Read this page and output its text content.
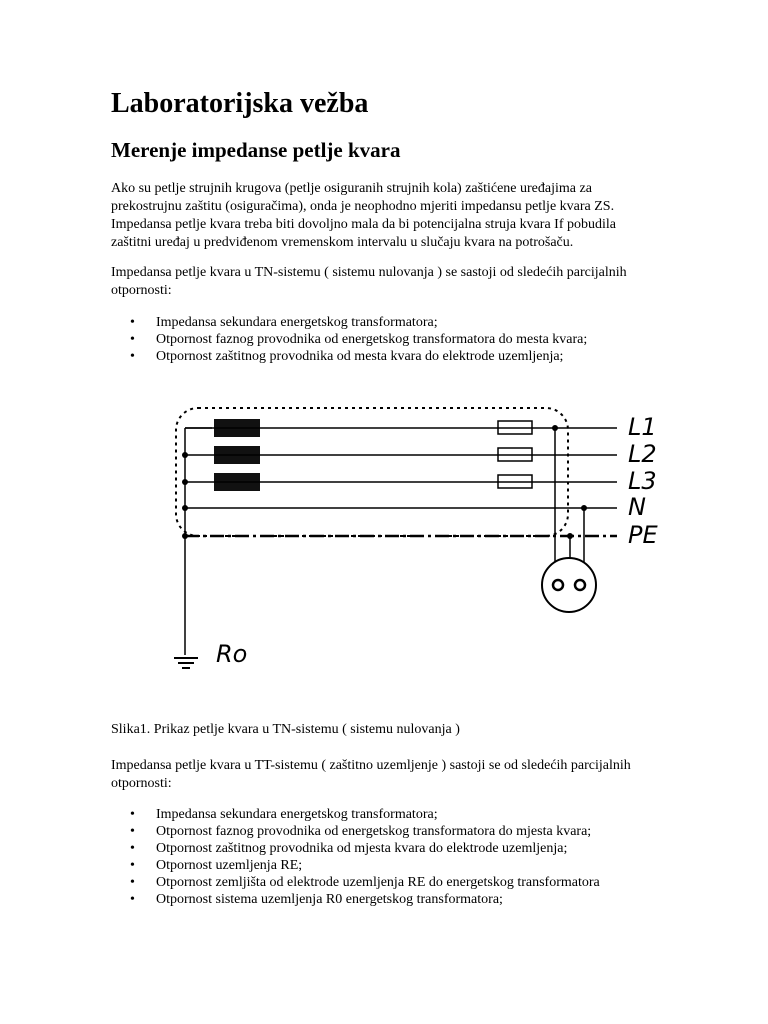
Laboratorijska vežba
Merenje impedanse petlje kvara

Ako su petlje strujnih krugova (petlje osiguranih strujnih kola) zaštićene uređajima za
prekostrujnu zaštitu (osiguračima), onda je neophodno mjeriti impedansu petlje kvara ZS.
Impedansa petlje kvara treba biti dovoljno mala da bi potencijalna struja kvara If pobudila
zaštitni uređaj u predviđenom vremenskom intervalu u slučaju kvara na potrošaču.

Impedansa petlje kvara u TN-sistemu ( sistemu nulovanja ) se sastoji od sledećih parcijalnih
otpornosti:

• Impedansa sekundara energetskog transformatora;
• Otpornost faznog provodnika od energetskog transformatora do mesta kvara;
• Otpornost zaštitnog provodnika od mesta kvara do elektrode uzemljenja;

Slika1. Prikaz petlje kvara u TN-sistemu ( sistemu nulovanja )

Impedansa petlje kvara u TT-sistemu ( zaštitno uzemljenje ) sastoji se od sledećih parcijalnih
otpornosti:

• Impedansa sekundara energetskog transformatora;
• Otpornost faznog provodnika od energetskog transformatora do mjesta kvara;
• Otpornost zaštitnog provodnika od mjesta kvara do elektrode uzemljenja;
• Otpornost uzemljenja RE;
• Otpornost zemljišta od elektrode uzemljenja RE do energetskog transformatora
• Otpornost sistema uzemljenja R0 energetskog transformatora;
L1
L2
L3
N
PE
Ro
